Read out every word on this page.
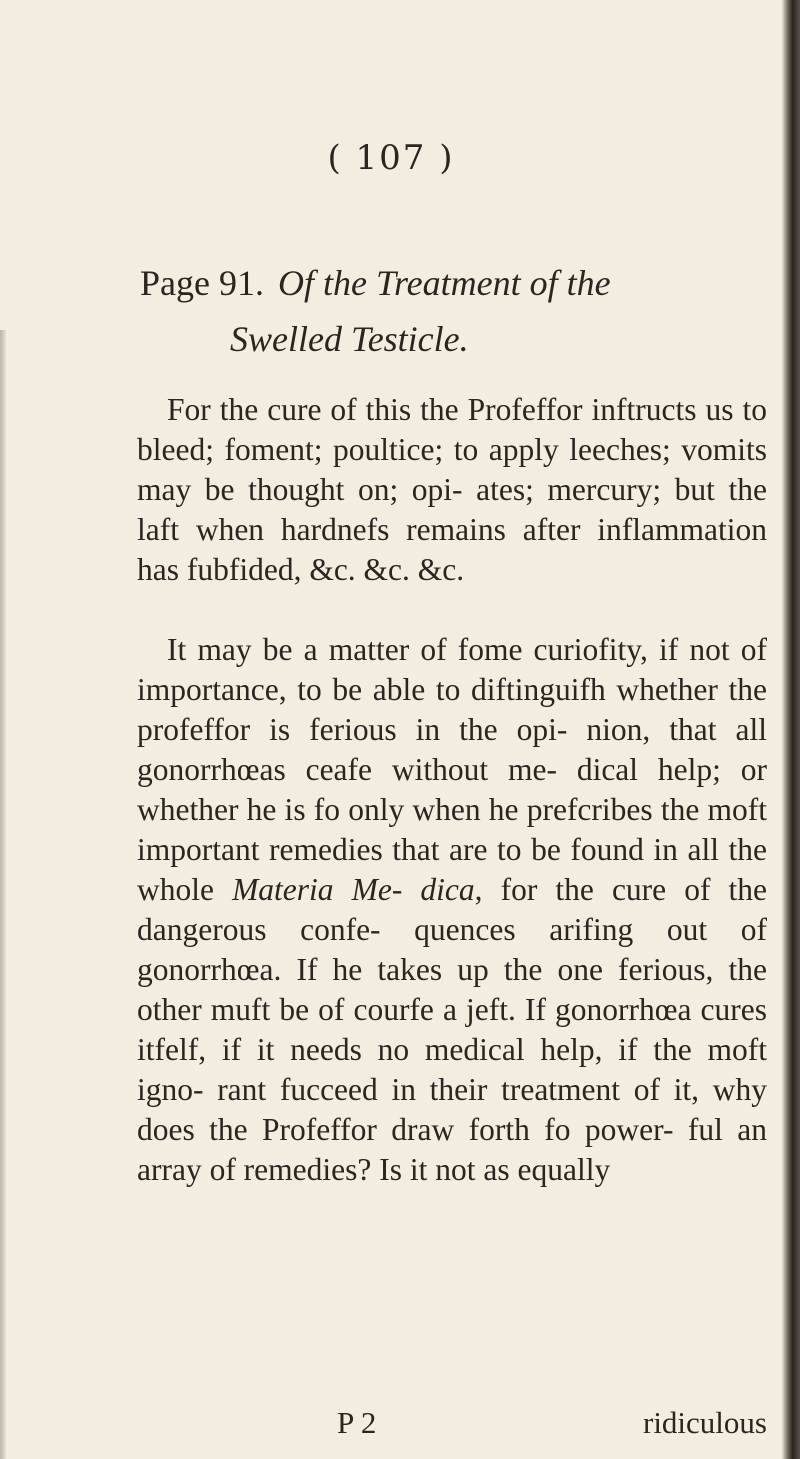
( 107 )
Page 91. Of the Treatment of the
Swelled Testicle.

For the cure of this the Profeffor inftructs us to bleed; foment; poultice; to apply leeches; vomits may be thought on; opi- ates; mercury; but the laft when hardnefs remains after inflammation has fubfided, &c. &c. &c.

It may be a matter of fome curiofity, if not of importance, to be able to diftinguifh whether the profeffor is ferious in the opi- nion, that all gonorrhœas ceafe without me- dical help; or whether he is fo only when he prefcribes the moft important remedies that are to be found in all the whole Materia Me- dica, for the cure of the dangerous confe- quences arifing out of gonorrhœa. If he takes up the one ferious, the other muft be of courfe a jeft. If gonorrhœa cures itfelf, if it needs no medical help, if the moft igno- rant fucceed in their treatment of it, why does the Profeffor draw forth fo power- ful an array of remedies? Is it not as equally

P 2	ridiculous
